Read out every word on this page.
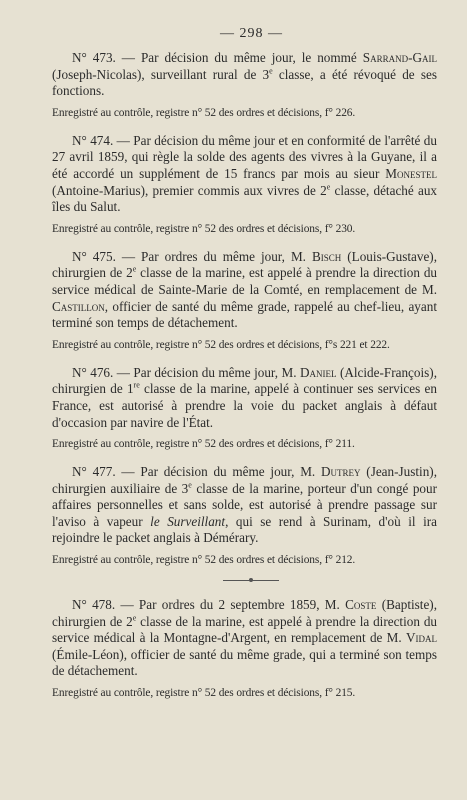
— 298 —

N° 473. — Par décision du même jour, le nommé Sarrand-Gail (Joseph-Nicolas), surveillant rural de 3e classe, a été révoqué de ses fonctions.

Enregistré au contrôle, registre n° 52 des ordres et décisions, f° 226.

N° 474. — Par décision du même jour et en conformité de l'arrêté du 27 avril 1859, qui règle la solde des agents des vivres à la Guyane, il a été accordé un supplément de 15 francs par mois au sieur Monestel (Antoine-Marius), premier commis aux vivres de 2e classe, détaché aux îles du Salut.

Enregistré au contrôle, registre n° 52 des ordres et décisions, f° 230.

N° 475. — Par ordres du même jour, M. Bisch (Louis-Gustave), chirurgien de 2e classe de la marine, est appelé à prendre la direction du service médical de Sainte-Marie de la Comté, en remplacement de M. Castillon, officier de santé du même grade, rappelé au chef-lieu, ayant terminé son temps de détachement.

Enregistré au contrôle, registre n° 52 des ordres et décisions, f°s 221 et 222.

N° 476. — Par décision du même jour, M. Daniel (Alcide-François), chirurgien de 1re classe de la marine, appelé à continuer ses services en France, est autorisé à prendre la voie du packet anglais à défaut d'occasion par navire de l'État.

Enregistré au contrôle, registre n° 52 des ordres et décisions, f° 211.

N° 477. — Par décision du même jour, M. Dutrey (Jean-Justin), chirurgien auxiliaire de 3e classe de la marine, porteur d'un congé pour affaires personnelles et sans solde, est autorisé à prendre passage sur l'aviso à vapeur le Surveillant, qui se rend à Surinam, d'où il ira rejoindre le packet anglais à Démérary.

Enregistré au contrôle, registre n° 52 des ordres et décisions, f° 212.

N° 478. — Par ordres du 2 septembre 1859, M. Coste (Baptiste), chirurgien de 2e classe de la marine, est appelé à prendre la direction du service médical à la Montagne-d'Argent, en remplacement de M. Vidal (Émile-Léon), officier de santé du même grade, qui a terminé son temps de détachement.

Enregistré au contrôle, registre n° 52 des ordres et décisions, f° 215.
